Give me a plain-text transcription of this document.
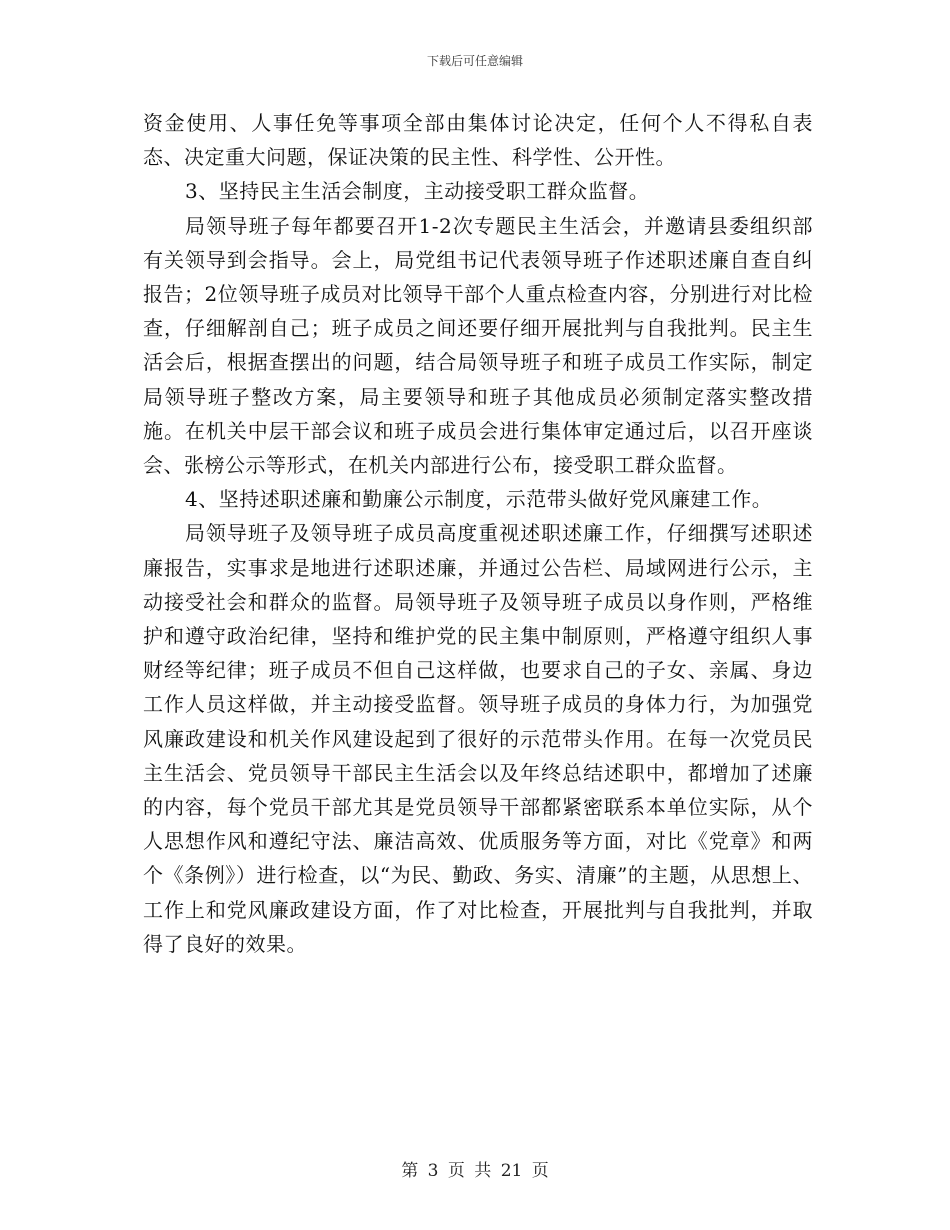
下载后可任意编辑

资金使用、人事任免等事项全部由集体讨论决定，任何个人不得私自表态、决定重大问题，保证决策的民主性、科学性、公开性。

3、坚持民主生活会制度，主动接受职工群众监督。

局领导班子每年都要召开1-2次专题民主生活会，并邀请县委组织部有关领导到会指导。会上，局党组书记代表领导班子作述职述廉自查自纠报告；2位领导班子成员对比领导干部个人重点检查内容，分别进行对比检查，仔细解剖自己；班子成员之间还要仔细开展批判与自我批判。民主生活会后，根据查摆出的问题，结合局领导班子和班子成员工作实际，制定局领导班子整改方案，局主要领导和班子其他成员必须制定落实整改措施。在机关中层干部会议和班子成员会进行集体审定通过后，以召开座谈会、张榜公示等形式，在机关内部进行公布，接受职工群众监督。

4、坚持述职述廉和勤廉公示制度，示范带头做好党风廉建工作。

局领导班子及领导班子成员高度重视述职述廉工作，仔细撰写述职述廉报告，实事求是地进行述职述廉，并通过公告栏、局域网进行公示，主动接受社会和群众的监督。局领导班子及领导班子成员以身作则，严格维护和遵守政治纪律，坚持和维护党的民主集中制原则，严格遵守组织人事财经等纪律；班子成员不但自己这样做，也要求自己的子女、亲属、身边工作人员这样做，并主动接受监督。领导班子成员的身体力行，为加强党风廉政建设和机关作风建设起到了很好的示范带头作用。在每一次党员民主生活会、党员领导干部民主生活会以及年终总结述职中，都增加了述廉的内容，每个党员干部尤其是党员领导干部都紧密联系本单位实际，从个人思想作风和遵纪守法、廉洁高效、优质服务等方面，对比《党章》和两个《条例》）进行检查，以“为民、勤政、务实、清廉”的主题，从思想上、工作上和党风廉政建设方面，作了对比检查，开展批判与自我批判，并取得了良好的效果。

第 3 页 共 21 页
